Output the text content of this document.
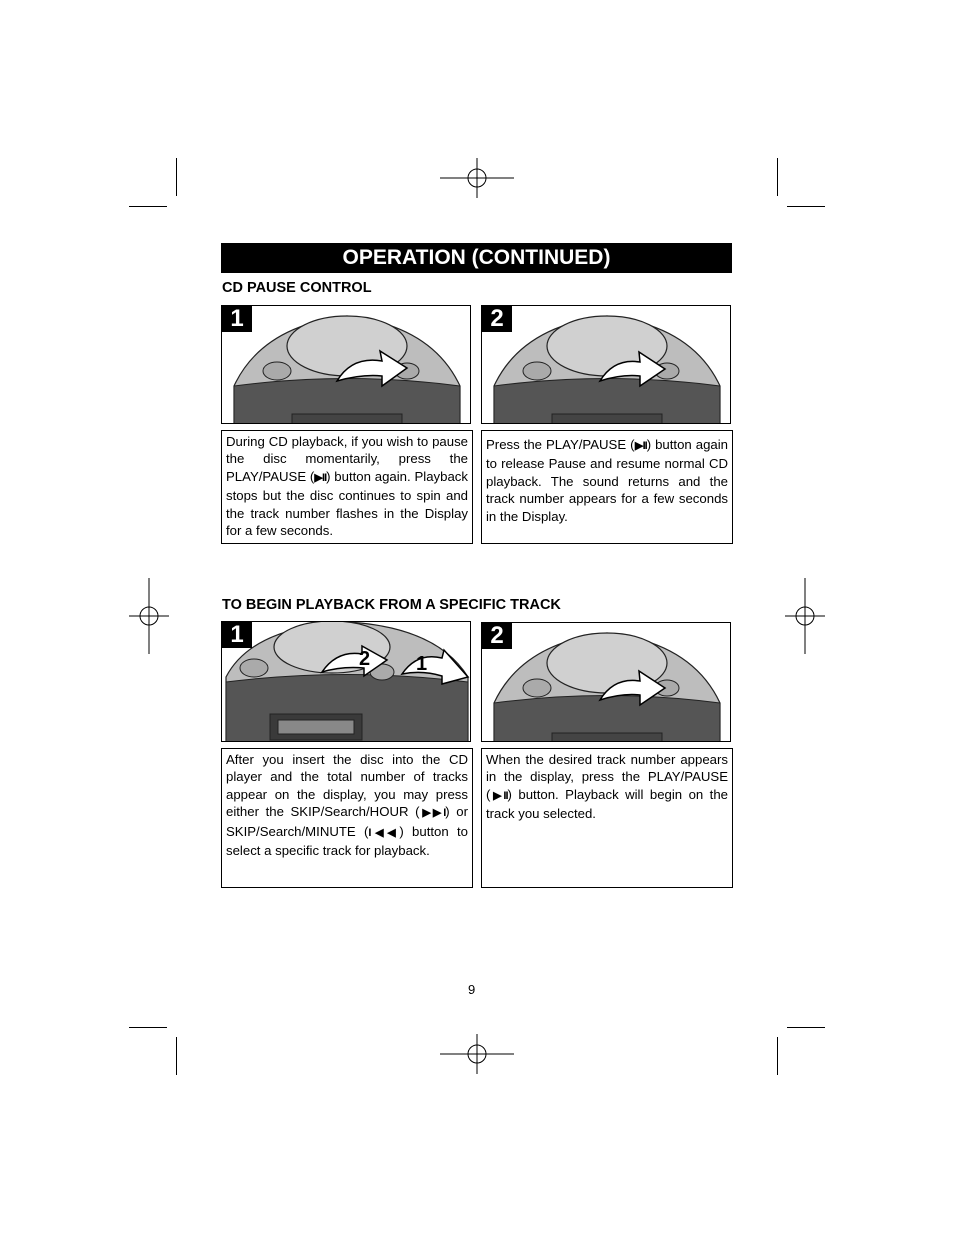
OPERATION (CONTINUED)
CD PAUSE CONTROL
1	2
During CD playback, if you wish to pause the disc momentarily, press the PLAY/PAUSE (▶II) button again. Playback stops but the disc continues to spin and the track number flashes in the Display for a few seconds.
Press the PLAY/PAUSE (▶II) button again to release Pause and resume normal CD playback. The sound returns and the track number appears for a few seconds in the Display.
TO BEGIN PLAYBACK FROM A SPECIFIC TRACK
2 1
1	2
After you insert the disc into the CD player and the total number of tracks appear on the display, you may press either the SKIP/Search/HOUR (▶▶I) or SKIP/Search/MINUTE (I◀◀) button to select a specific track for playback.
When the desired track number appears in the display, press the PLAY/PAUSE (▶II) button. Playback will begin on the track you selected.
9
